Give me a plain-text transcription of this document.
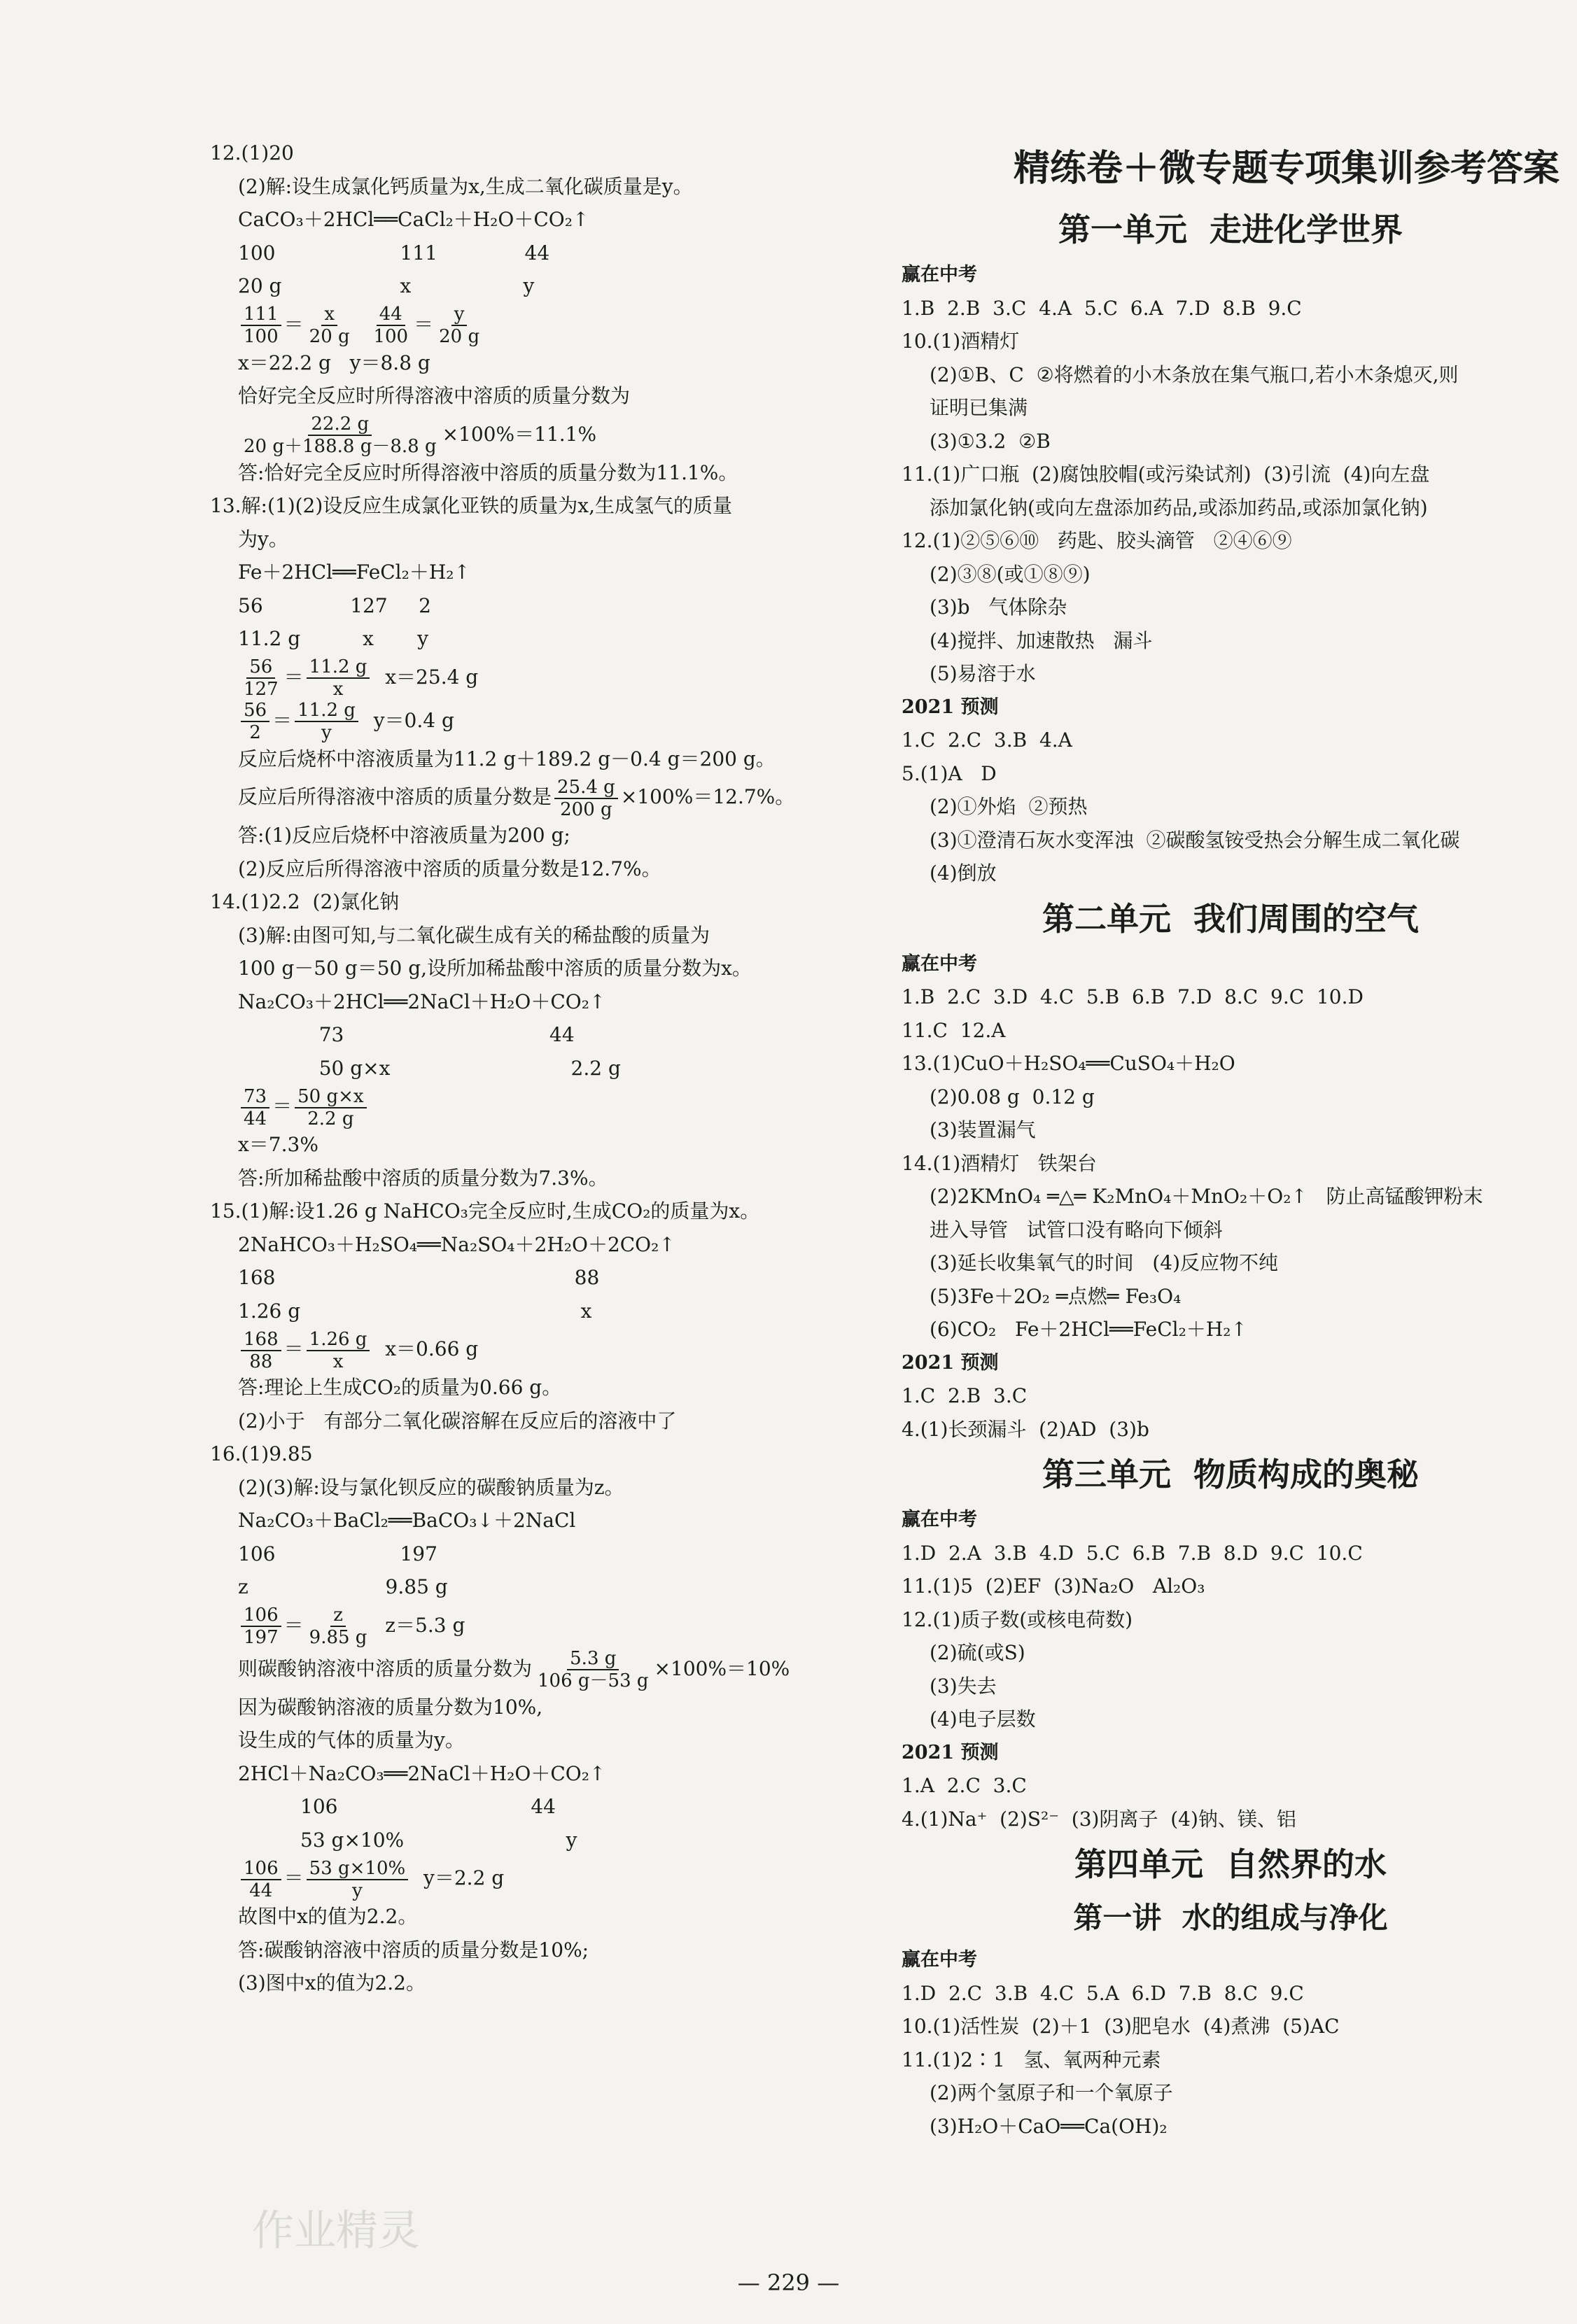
12.(1)20
(2)解:设生成氯化钙质量为x,生成二氧化碳质量是y。
CaCO₃＋2HCl══CaCl₂＋H₂O＋CO₂↑
100                    111              44
20 g                   x                  y
$\frac{111}{100} = \frac{x}{20 g}$
$\frac{44}{100} = \frac{y}{20 g}$
x＝22.2 g   y＝8.8 g
恰好完全反应时所得溶液中溶质的质量分数为
$\frac{22.2 g}{20 g+188.8 g-8.8 g} \times 100\%=11.1\%$
答:恰好完全反应时所得溶液中溶质的质量分数为11.1%。
13.解:(1)(2)设反应生成氯化亚铁的质量为x,生成氢气的质量
为y。
Fe＋2HCl══FeCl₂＋H₂↑
56              127     2
11.2 g          x       y
$\frac{56}{127} = \frac{11.2 g}{x} x=25.4$ g
$\frac{56}{2} = \frac{11.2 g}{y} y=0.4$ g
反应后烧杯中溶液质量为11.2 g＋189.2 g－0.4 g＝200 g。
反应后所得溶液中溶质的质量分数是 $\frac{25.4 g}{200 g} \times 100\%=12.7\%$。
答:(1)反应后烧杯中溶液质量为200 g;
(2)反应后所得溶液中溶质的质量分数是12.7%。
14.(1)2.2  (2)氯化钠
(3)解:由图可知,与二氧化碳生成有关的稀盐酸的质量为
100 g－50 g＝50 g,设所加稀盐酸中溶质的质量分数为x。
Na₂CO₃＋2HCl══2NaCl＋H₂O＋CO₂↑
73                                 44
50 g×x                             2.2 g
$\frac{73}{44} = \frac{50 g\times x}{2.2 g}$
x＝7.3%
答:所加稀盐酸中溶质的质量分数为7.3%。
15.(1)解:设1.26 g NaHCO₃完全反应时,生成CO₂的质量为x。
2NaHCO₃＋H₂SO₄══Na₂SO₄＋2H₂O＋2CO₂↑
168                                                88
1.26 g                                             x
$\frac{168}{88} = \frac{1.26 g}{x} x=0.66$ g
答:理论上生成CO₂的质量为0.66 g。
(2)小于   有部分二氧化碳溶解在反应后的溶液中了
16.(1)9.85
(2)(3)解:设与氯化钡反应的碳酸钠质量为z。
Na₂CO₃＋BaCl₂══BaCO₃↓＋2NaCl
106                    197
z                      9.85 g
$\frac{106}{197} = \frac{z}{9.85 g} z=5.3$ g
则碳酸钠溶液中溶质的质量分数为 $\frac{5.3 g}{106 g-53 g} \times 100\%=10\%$
因为碳酸钠溶液的质量分数为10%,
设生成的气体的质量为y。
2HCl＋Na₂CO₃══2NaCl＋H₂O＋CO₂↑
106                               44
53 g×10%                          y
$\frac{106}{44} = \frac{53 g\times 10\%}{y} y=2.2$ g
故图中x的值为2.2。
答:碳酸钠溶液中溶质的质量分数是10%;
(3)图中x的值为2.2。
精练卷＋微专题专项集训参考答案
第一单元  走进化学世界
赢在中考
1.B  2.B  3.C  4.A  5.C  6.A  7.D  8.B  9.C
10.(1)酒精灯
(2)①B、C  ②将燃着的小木条放在集气瓶口,若小木条熄灭,则
证明已集满
(3)①3.2  ②B
11.(1)广口瓶  (2)腐蚀胶帽(或污染试剂)  (3)引流  (4)向左盘
添加氯化钠(或向左盘添加药品,或添加药品,或添加氯化钠)
12.(1)②⑤⑥⑩   药匙、胶头滴管   ②④⑥⑨
(2)③⑧(或①⑧⑨)
(3)b   气体除杂
(4)搅拌、加速散热   漏斗
(5)易溶于水
2021 预测
1.C  2.C  3.B  4.A
5.(1)A   D
(2)①外焰  ②预热
(3)①澄清石灰水变浑浊  ②碳酸氢铵受热会分解生成二氧化碳
(4)倒放
第二单元  我们周围的空气
赢在中考
1.B  2.C  3.D  4.C  5.B  6.B  7.D  8.C  9.C  10.D
11.C  12.A
13.(1)CuO＋H₂SO₄══CuSO₄＋H₂O
(2)0.08 g  0.12 g
(3)装置漏气
14.(1)酒精灯   铁架台
(2)2KMnO₄ ═△═ K₂MnO₄＋MnO₂＋O₂↑   防止高锰酸钾粉末
进入导管   试管口没有略向下倾斜
(3)延长收集氧气的时间   (4)反应物不纯
(5)3Fe＋2O₂ ═点燃═ Fe₃O₄
(6)CO₂   Fe＋2HCl══FeCl₂＋H₂↑
2021 预测
1.C  2.B  3.C
4.(1)长颈漏斗  (2)AD  (3)b
第三单元  物质构成的奥秘
赢在中考
1.D  2.A  3.B  4.D  5.C  6.B  7.B  8.D  9.C  10.C
11.(1)5  (2)EF  (3)Na₂O   Al₂O₃
12.(1)质子数(或核电荷数)
(2)硫(或S)
(3)失去
(4)电子层数
2021 预测
1.A  2.C  3.C
4.(1)Na⁺  (2)S²⁻  (3)阴离子  (4)钠、镁、铝
第四单元  自然界的水
第一讲  水的组成与净化
赢在中考
1.D  2.C  3.B  4.C  5.A  6.D  7.B  8.C  9.C
10.(1)活性炭  (2)＋1  (3)肥皂水  (4)煮沸  (5)AC
11.(1)2∶1   氢、氧两种元素
(2)两个氢原子和一个氧原子
(3)H₂O＋CaO══Ca(OH)₂
— 229 —
作业精灵
